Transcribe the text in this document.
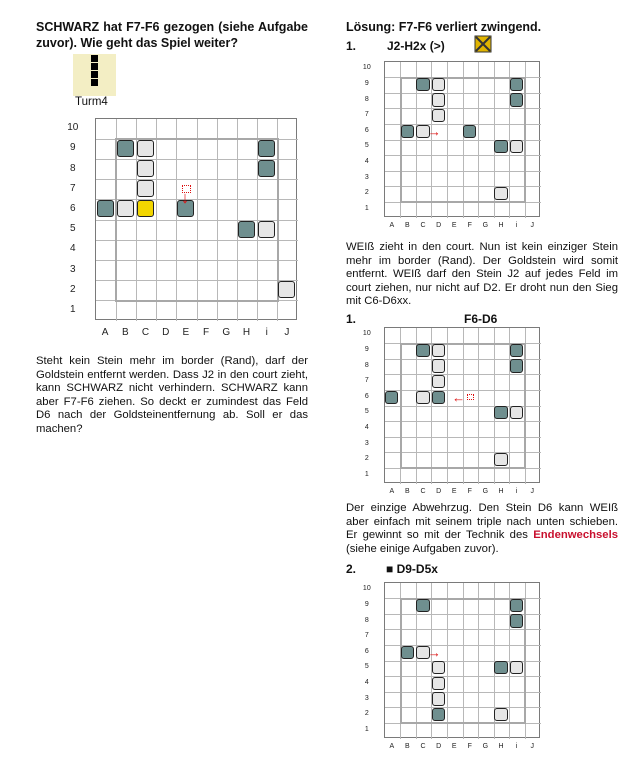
SCHWARZ hat F7-F6 gezogen (siehe Aufgabe zuvor). Wie geht das Spiel weiter?
Turm4
10
9
8
7
6
5
4
3
2
1
A	B	C	D	E	F	G	H	i	J
↓
Steht kein Stein mehr im border (Rand), darf der Goldstein entfernt werden. Dass J2 in den court zieht, kann SCHWARZ nicht verhindern. SCHWARZ kann aber F7-F6 ziehen. So deckt er zumindest das Feld D6 nach der Goldsteinentfernung ab. Soll er das machen?
Lösung: F7-F6 verliert zwingend.
1.	J2-H2x (>)
10
9
8
7
6
5
4
3
2
1
A	B	C	D	E	F	G	H	i	J
→
WEIß zieht in den court. Nun ist kein einziger Stein mehr im border (Rand). Der Goldstein wird somit entfernt. WEIß darf den Stein J2 auf jedes Feld im court ziehen, nur nicht auf D2. Er droht nun den Sieg mit C6-D6xx.
1.	F6-D6
10
9
8
7
6
5
4
3
2
1
A	B	C	D	E	F	G	H	i	J
←
Der einzige Abwehrzug. Den Stein D6 kann WEIß aber einfach mit seinem triple nach unten schieben. Er gewinnt so mit der Technik des Endenwechsels (siehe einige Aufgaben zuvor).
2. ■ D9-D5x
10
9
8
7
6
5
4
3
2
1
A	B	C	D	E	F	G	H	i	J
→
